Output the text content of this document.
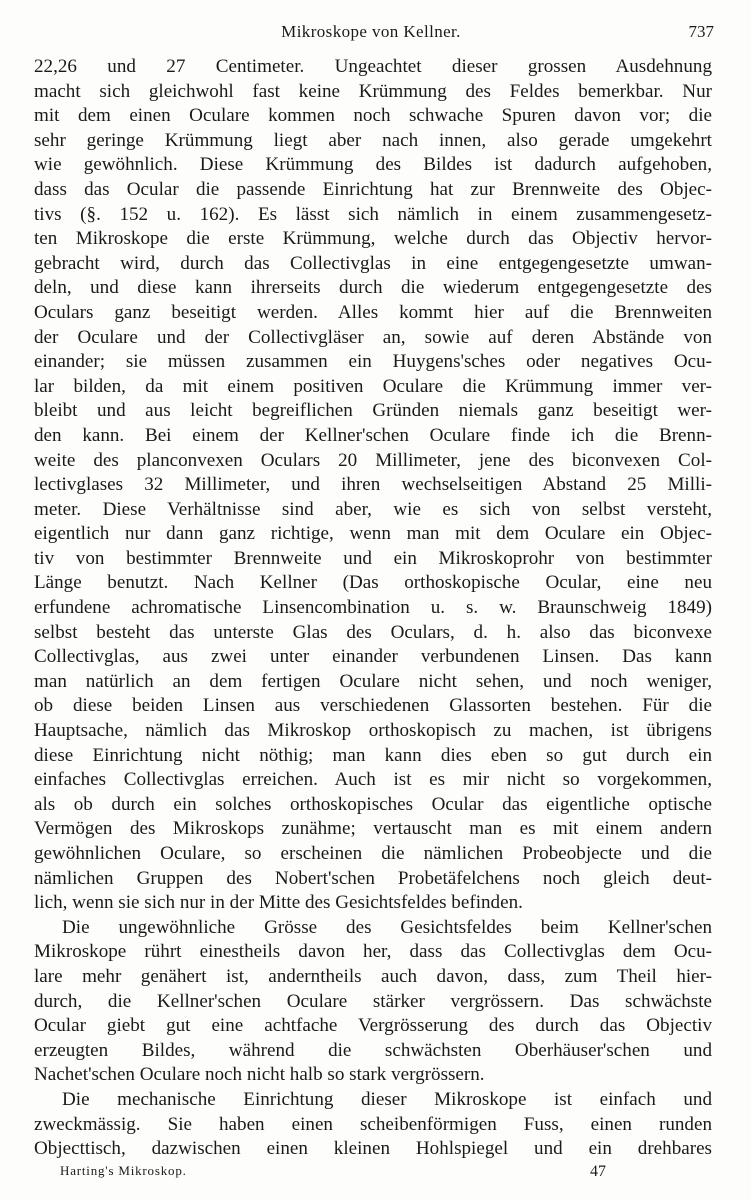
Mikroskope von Kellner.	737
22,26 und 27 Centimeter. Ungeachtet dieser grossen Ausdehnung
macht sich gleichwohl fast keine Krümmung des Feldes bemerkbar. Nur
mit dem einen Oculare kommen noch schwache Spuren davon vor; die
sehr geringe Krümmung liegt aber nach innen, also gerade umgekehrt
wie gewöhnlich. Diese Krümmung des Bildes ist dadurch aufgehoben,
dass das Ocular die passende Einrichtung hat zur Brennweite des Objec-
tivs (§. 152 u. 162). Es lässt sich nämlich in einem zusammengesetz-
ten Mikroskope die erste Krümmung, welche durch das Objectiv hervor-
gebracht wird, durch das Collectivglas in eine entgegengesetzte umwan-
deln, und diese kann ihrerseits durch die wiederum entgegengesetzte des
Oculars ganz beseitigt werden. Alles kommt hier auf die Brennweiten
der Oculare und der Collectivgläser an, sowie auf deren Abstände von
einander; sie müssen zusammen ein Huygens'sches oder negatives Ocu-
lar bilden, da mit einem positiven Oculare die Krümmung immer ver-
bleibt und aus leicht begreiflichen Gründen niemals ganz beseitigt wer-
den kann. Bei einem der Kellner'schen Oculare finde ich die Brenn-
weite des planconvexen Oculars 20 Millimeter, jene des biconvexen Col-
lectivglases 32 Millimeter, und ihren wechselseitigen Abstand 25 Milli-
meter. Diese Verhältnisse sind aber, wie es sich von selbst versteht,
eigentlich nur dann ganz richtige, wenn man mit dem Oculare ein Objec-
tiv von bestimmter Brennweite und ein Mikroskoprohr von bestimmter
Länge benutzt. Nach Kellner (Das orthoskopische Ocular, eine neu
erfundene achromatische Linsencombination u. s. w. Braunschweig 1849)
selbst besteht das unterste Glas des Oculars, d. h. also das biconvexe
Collectivglas, aus zwei unter einander verbundenen Linsen. Das kann
man natürlich an dem fertigen Oculare nicht sehen, und noch weniger,
ob diese beiden Linsen aus verschiedenen Glassorten bestehen. Für die
Hauptsache, nämlich das Mikroskop orthoskopisch zu machen, ist übrigens
diese Einrichtung nicht nöthig; man kann dies eben so gut durch ein
einfaches Collectivglas erreichen. Auch ist es mir nicht so vorgekommen,
als ob durch ein solches orthoskopisches Ocular das eigentliche optische
Vermögen des Mikroskops zunähme; vertauscht man es mit einem andern
gewöhnlichen Oculare, so erscheinen die nämlichen Probeobjecte und die
nämlichen Gruppen des Nobert'schen Probetäfelchens noch gleich deut-
lich, wenn sie sich nur in der Mitte des Gesichtsfeldes befinden.
Die ungewöhnliche Grösse des Gesichtsfeldes beim Kellner'schen
Mikroskope rührt einestheils davon her, dass das Collectivglas dem Ocu-
lare mehr genähert ist, anderntheils auch davon, dass, zum Theil hier-
durch, die Kellner'schen Oculare stärker vergrössern. Das schwächste
Ocular giebt gut eine achtfache Vergrösserung des durch das Objectiv
erzeugten Bildes, während die schwächsten Oberhäuser'schen und
Nachet'schen Oculare noch nicht halb so stark vergrössern.
Die mechanische Einrichtung dieser Mikroskope ist einfach und
zweckmässig. Sie haben einen scheibenförmigen Fuss, einen runden
Objecttisch, dazwischen einen kleinen Hohlspiegel und ein drehbares
Harting's Mikroskop.	47
